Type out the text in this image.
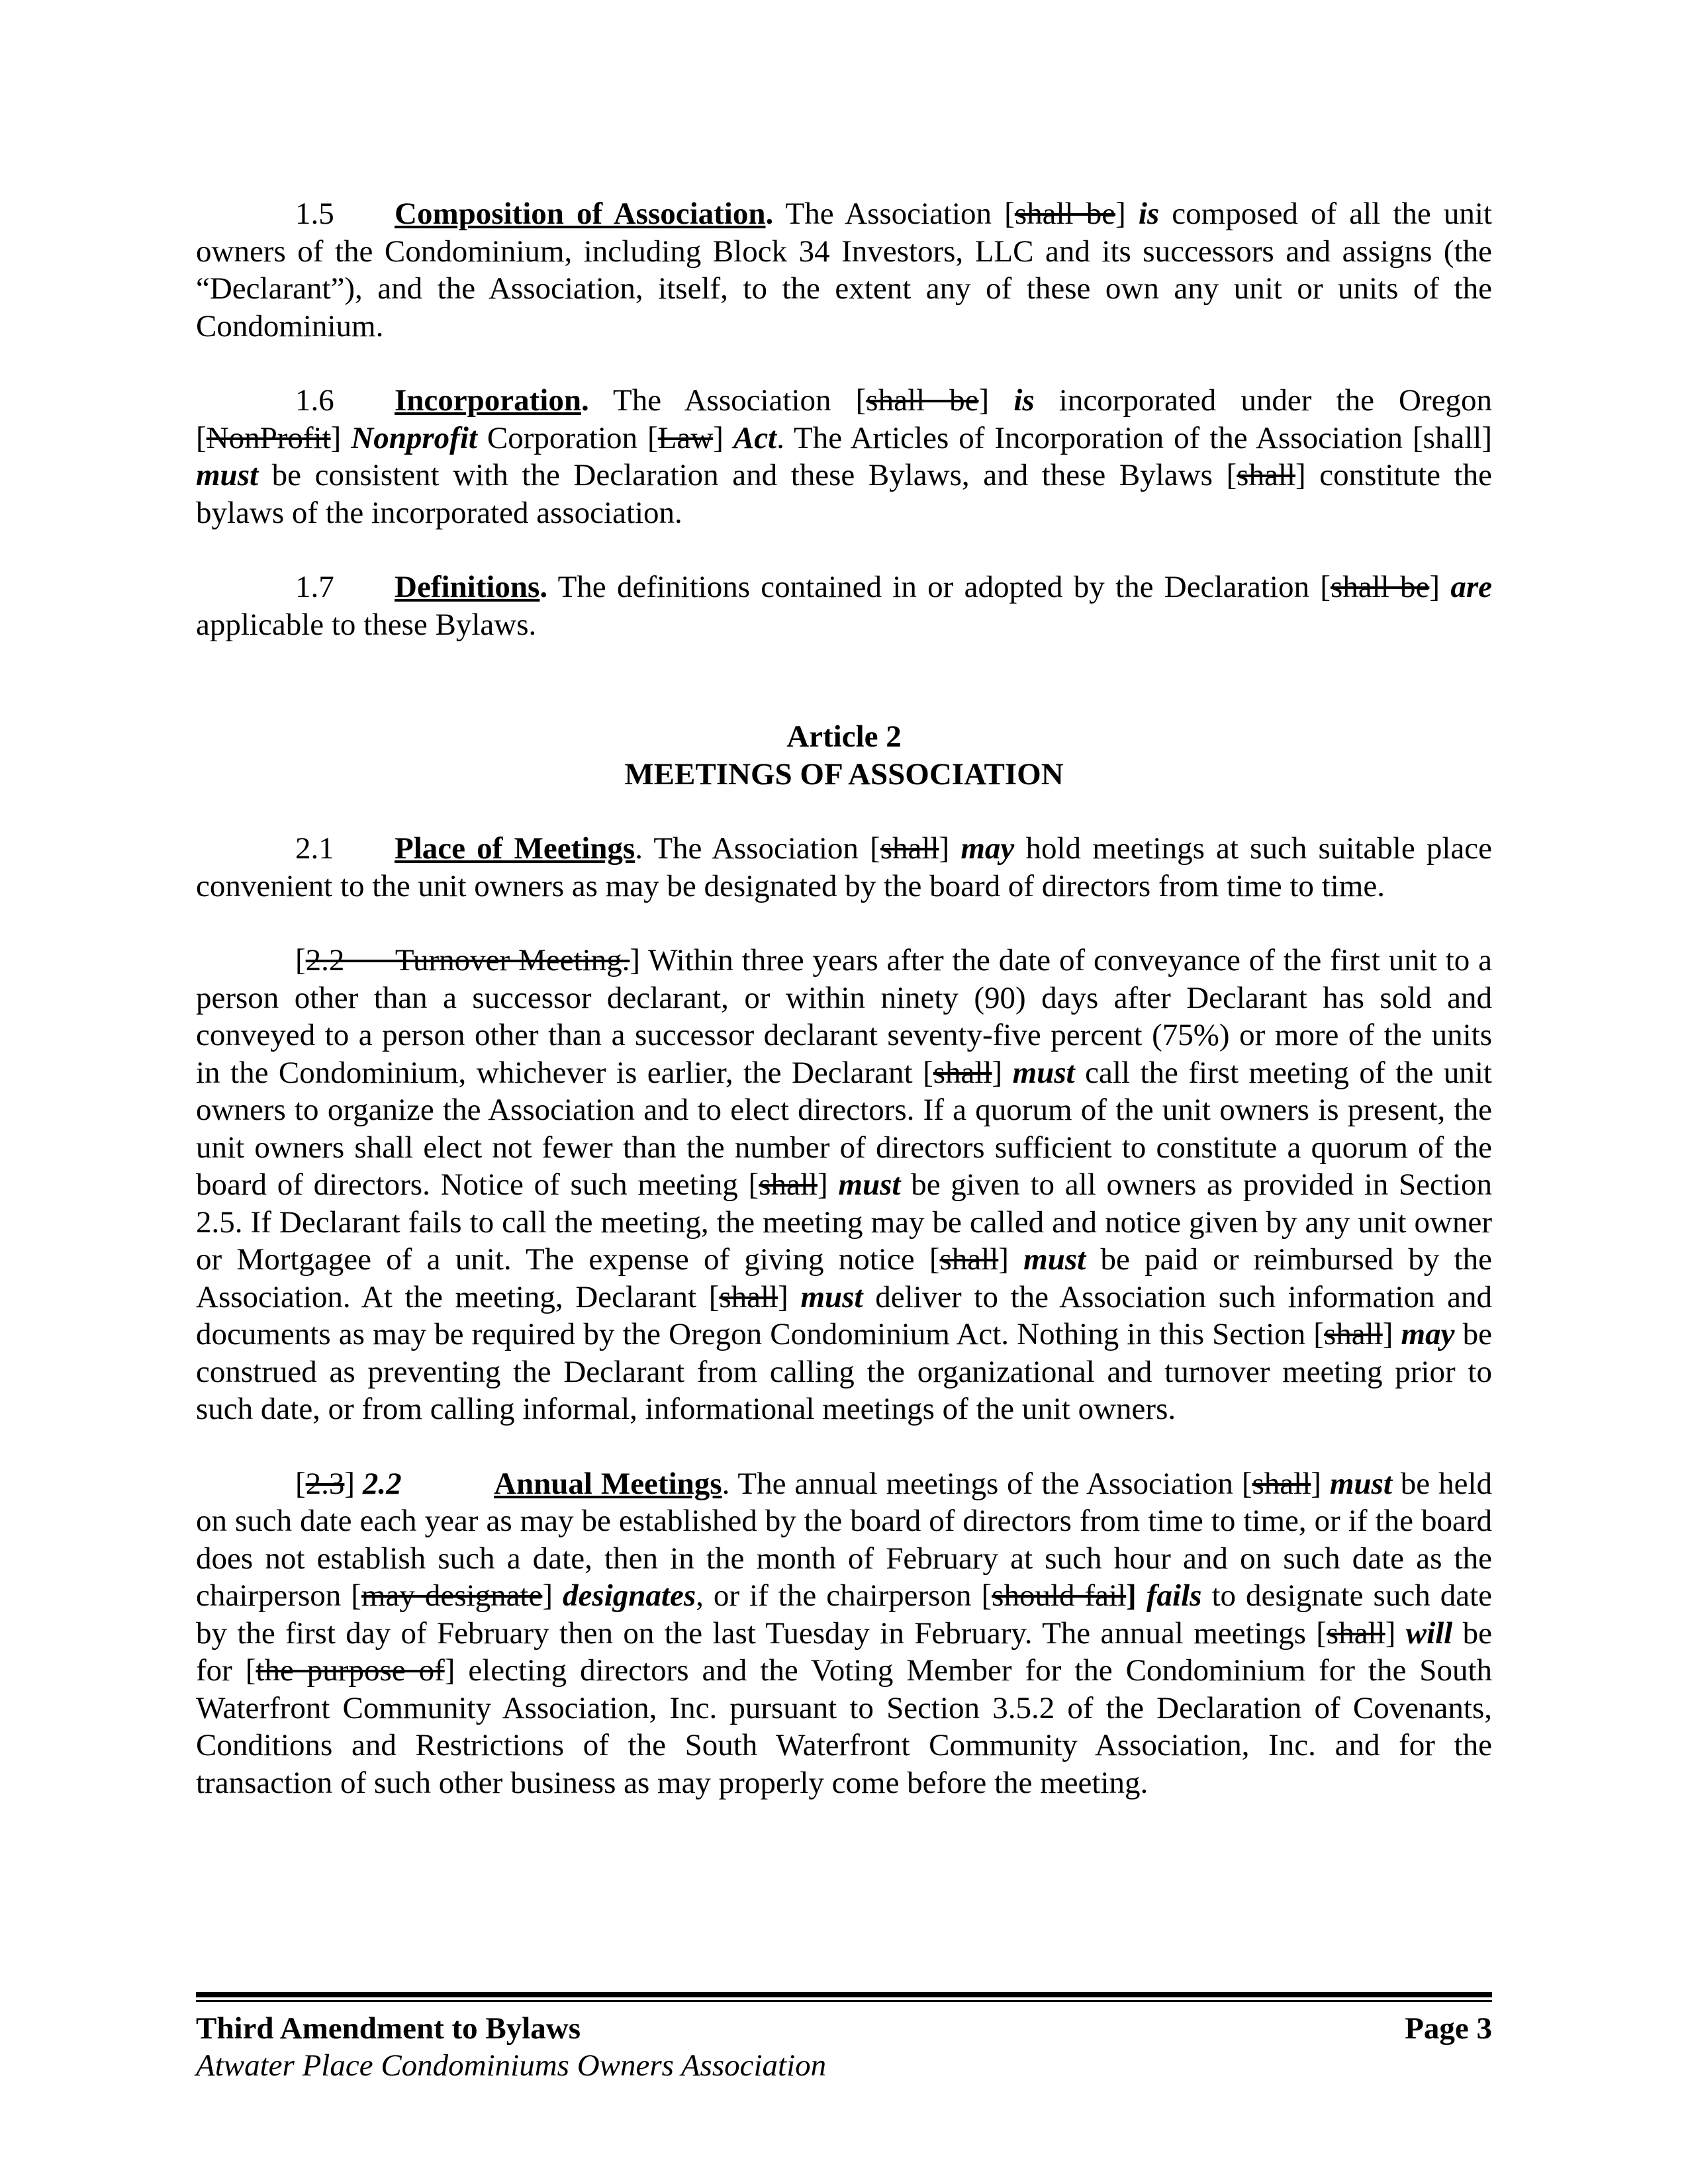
1.5 Composition of Association. The Association [shall be] is composed of all the unit owners of the Condominium, including Block 34 Investors, LLC and its successors and assigns (the “Declarant”), and the Association, itself, to the extent any of these own any unit or units of the Condominium.

1.6 Incorporation. The Association [shall be] is incorporated under the Oregon [NonProfit] Nonprofit Corporation [Law] Act. The Articles of Incorporation of the Association [shall] must be consistent with the Declaration and these Bylaws, and these Bylaws [shall] constitute the bylaws of the incorporated association.

1.7 Definitions. The definitions contained in or adopted by the Declaration [shall be] are applicable to these Bylaws.

Article 2

MEETINGS OF ASSOCIATION

2.1 Place of Meetings. The Association [shall] may hold meetings at such suitable place convenient to the unit owners as may be designated by the board of directors from time to time.

[2.2      Turnover Meeting.] Within three years after the date of conveyance of the first unit to a person other than a successor declarant, or within ninety (90) days after Declarant has sold and conveyed to a person other than a successor declarant seventy-five percent (75%) or more of the units in the Condominium, whichever is earlier, the Declarant [shall] must call the first meeting of the unit owners to organize the Association and to elect directors. If a quorum of the unit owners is present, the unit owners shall elect not fewer than the number of directors sufficient to constitute a quorum of the board of directors. Notice of such meeting [shall] must be given to all owners as provided in Section 2.5. If Declarant fails to call the meeting, the meeting may be called and notice given by any unit owner or Mortgagee of a unit. The expense of giving notice [shall] must be paid or reimbursed by the Association. At the meeting, Declarant [shall] must deliver to the Association such information and documents as may be required by the Oregon Condominium Act. Nothing in this Section [shall] may be construed as preventing the Declarant from calling the organizational and turnover meeting prior to such date, or from calling informal, informational meetings of the unit owners.

[2.3] 2.2	Annual Meetings. The annual meetings of the Association [shall] must be held on such date each year as may be established by the board of directors from time to time, or if the board does not establish such a date, then in the month of February at such hour and on such date as the chairperson [may designate] designates, or if the chairperson [should fail] fails to designate such date by the first day of February then on the last Tuesday in February. The annual meetings [shall] will be for [the purpose of] electing directors and the Voting Member for the Condominium for the South Waterfront Community Association, Inc. pursuant to Section 3.5.2 of the Declaration of Covenants, Conditions and Restrictions of the South Waterfront Community Association, Inc. and for the transaction of such other business as may properly come before the meeting.

Third Amendment to Bylaws	Page 3
Atwater Place Condominiums Owners Association
